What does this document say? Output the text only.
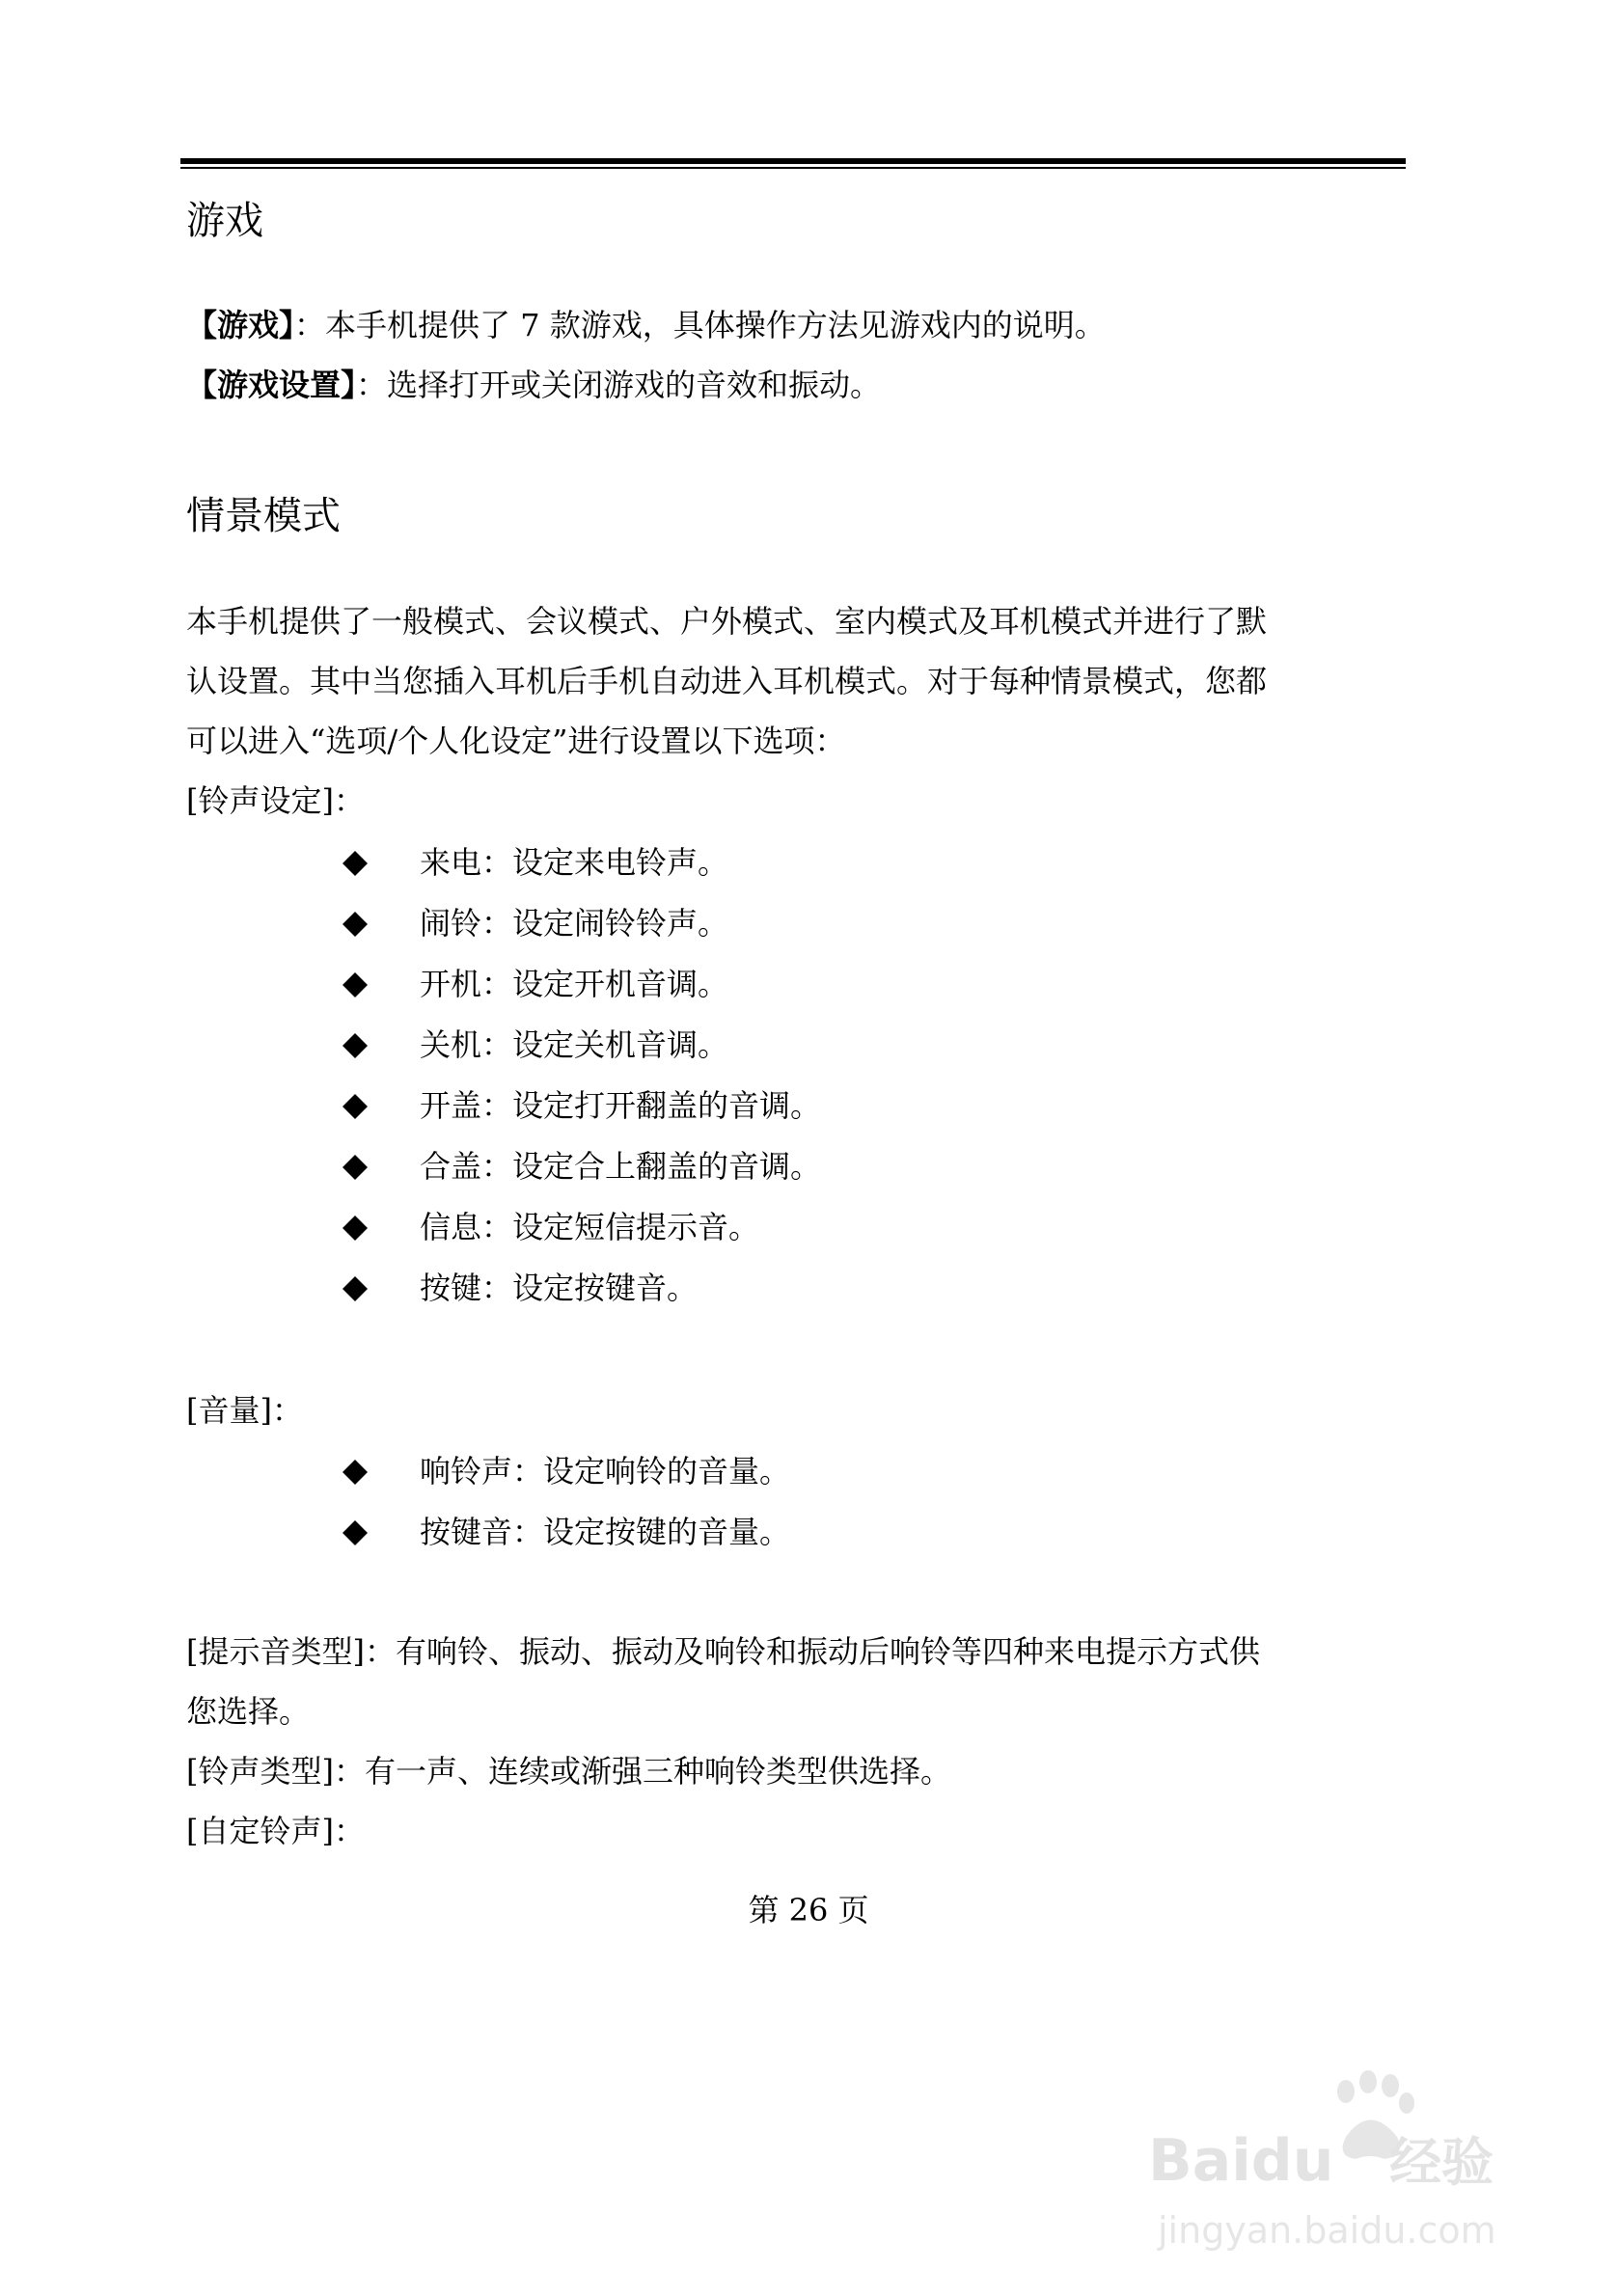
游戏

【游戏】：本手机提供了 7 款游戏，具体操作方法见游戏内的说明。

【游戏设置】：选择打开或关闭游戏的音效和振动。

情景模式

本手机提供了一般模式、会议模式、户外模式、室内模式及耳机模式并进行了默

认设置。其中当您插入耳机后手机自动进入耳机模式。对于每种情景模式，您都

可以进入“选项/个人化设定”进行设置以下选项：

[铃声设定]：

来电：设定来电铃声。
闹铃：设定闹铃铃声。
开机：设定开机音调。
关机：设定关机音调。
开盖：设定打开翻盖的音调。
合盖：设定合上翻盖的音调。
信息：设定短信提示音。
按键：设定按键音。

[音量]：

响铃声：设定响铃的音量。
按键音：设定按键的音量。

[提示音类型]：有响铃、振动、振动及响铃和振动后响铃等四种来电提示方式供

您选择。

[铃声类型]：有一声、连续或渐强三种响铃类型供选择。

[自定铃声]：

第 26 页
Baidu 经验
jingyan.baidu.com
